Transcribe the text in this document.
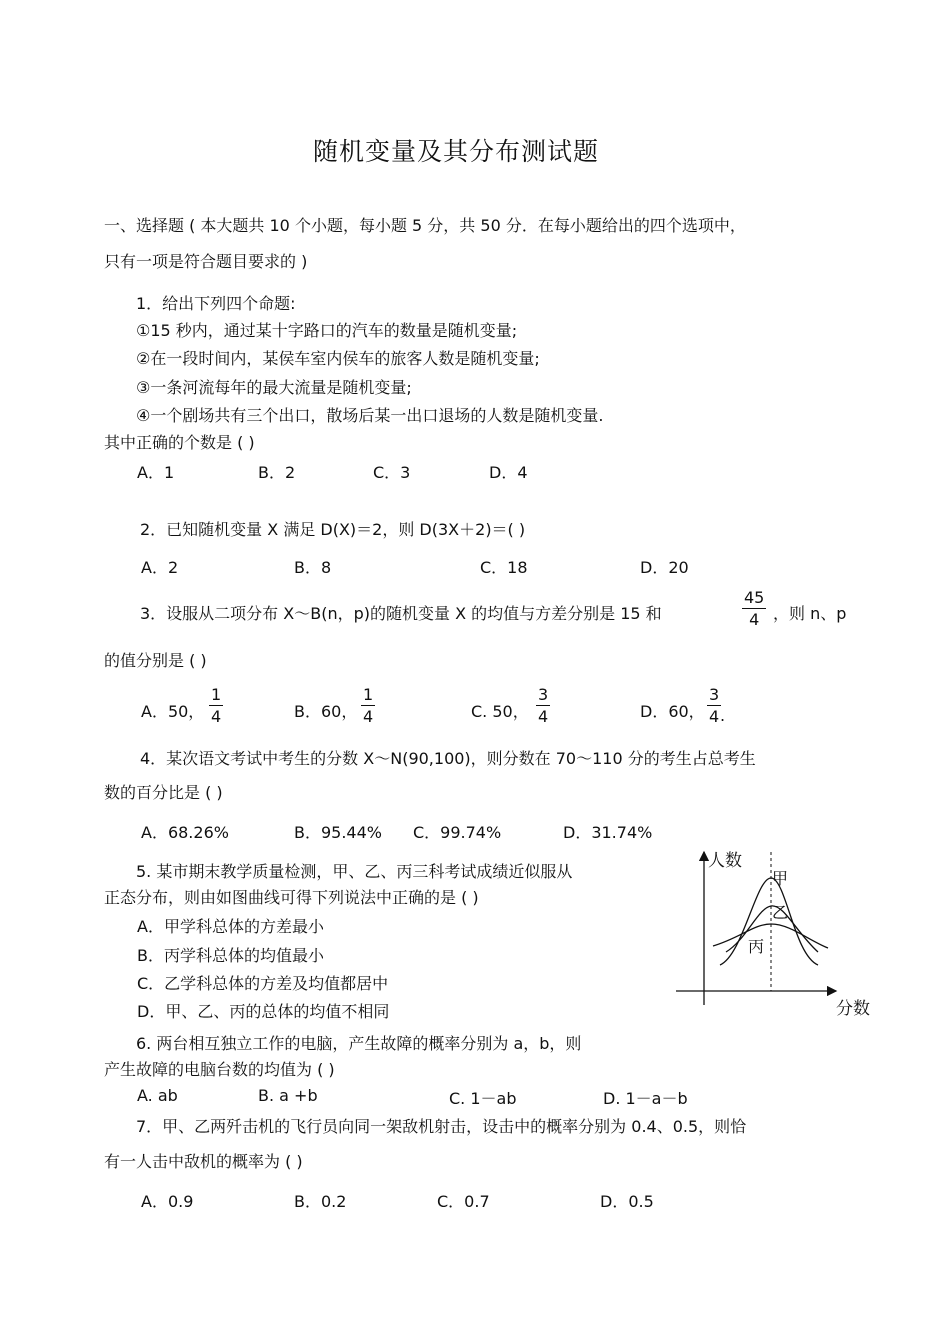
随机变量及其分布测试题
一、选择题 ( 本大题共 10 个小题，每小题 5 分，共 50 分．在每小题给出的四个选项中，
只有一项是符合题目要求的 )
1．给出下列四个命题:
①15 秒内，通过某十字路口的汽车的数量是随机变量;
②在一段时间内，某侯车室内侯车的旅客人数是随机变量;
③一条河流每年的最大流量是随机变量;
④一个剧场共有三个出口，散场后某一出口退场的人数是随机变量.
其中正确的个数是 ( )
A．1	B．2	C．3	D．4
2．已知随机变量 X 满足 D(X)＝2，则 D(3X＋2)＝( )
A．2	B．8	C．18	D．20
3．设服从二项分布 X～B(n，p)的随机变量 X 的均值与方差分别是 15 和	$\frac{45}{4}$ ，则 n、p
的值分别是 ( )
A．50， $\frac{1}{4}$	B．60， $\frac{1}{4}$	C. 50， $\frac{3}{4}$	D．60， $\frac{3}{4}$
.
4．某次语文考试中考生的分数 X～N(90,100)，则分数在 70～110 分的考生占总考生
数的百分比是 ( )
A．68.26%	B．95.44% C．99.74%	D．31.74%
5. 某市期末教学质量检测，甲、乙、丙三科考试成绩近似服从
正态分布，则由如图曲线可得下列说法中正确的是 ( )
A．甲学科总体的方差最小
B．丙学科总体的均值最小
C．乙学科总体的方差及均值都居中
D．甲、乙、丙的总体的均值不相同
人数
分数
甲
乙
丙
6. 两台相互独立工作的电脑，产生故障的概率分别为 a，b，则
产生故障的电脑台数的均值为 ( )
A. ab	B. a +b	C. 1－ab	D. 1－a－b
7．甲、乙两歼击机的飞行员向同一架敌机射击，设击中的概率分别为 0.4、0.5，则恰
有一人击中敌机的概率为 ( )
A．0.9	B．0.2	C．0.7	D．0.5
